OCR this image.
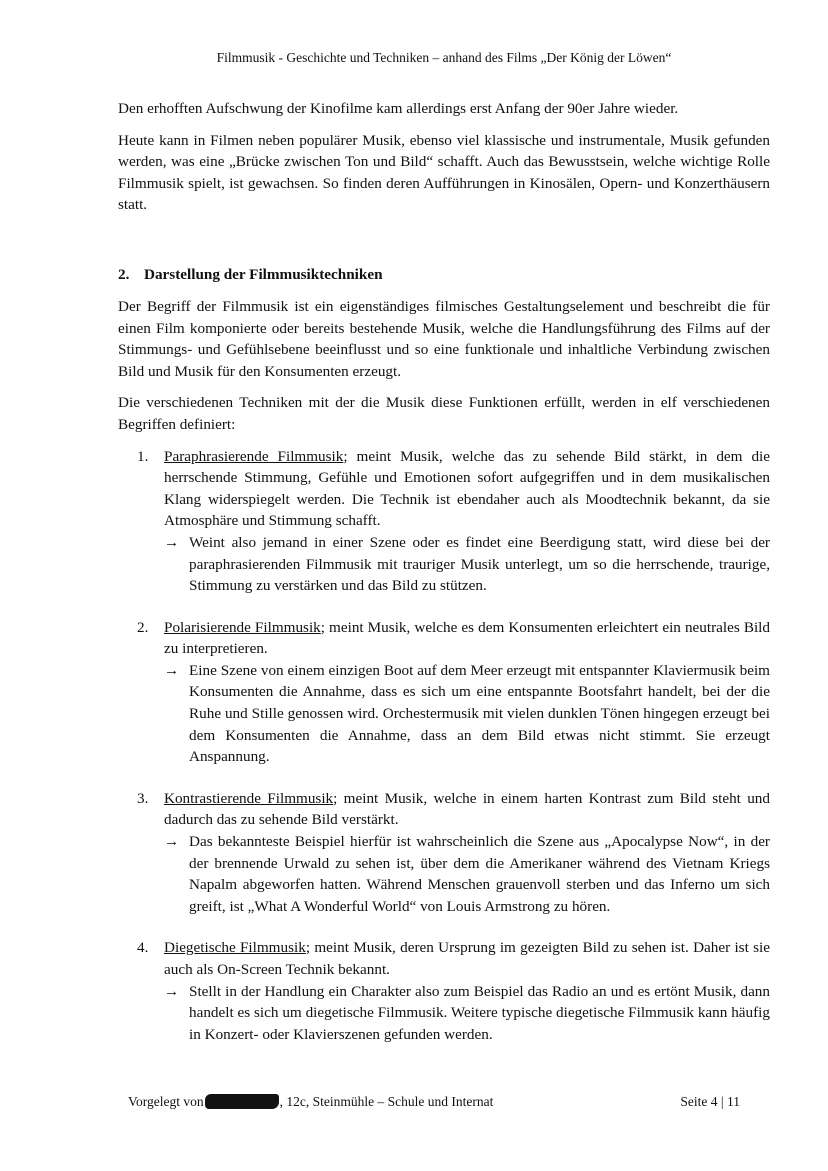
Filmmusik - Geschichte und Techniken – anhand des Films „Der König der Löwen“

Den erhofften Aufschwung der Kinofilme kam allerdings erst Anfang der 90er Jahre wieder.

Heute kann in Filmen neben populärer Musik, ebenso viel klassische und instrumentale, Musik gefunden werden, was eine „Brücke zwischen Ton und Bild“ schafft. Auch das Bewusstsein, welche wichtige Rolle Filmmusik spielt, ist gewachsen. So finden deren Aufführungen in Kinosälen, Opern- und Konzerthäusern statt.

2. Darstellung der Filmmusiktechniken

Der Begriff der Filmmusik ist ein eigenständiges filmisches Gestaltungselement und beschreibt die für einen Film komponierte oder bereits bestehende Musik, welche die Handlungsführung des Films auf der Stimmungs- und Gefühlsebene beeinflusst und so eine funktionale und inhaltliche Verbindung zwischen Bild und Musik für den Konsumenten erzeugt.

Die verschiedenen Techniken mit der die Musik diese Funktionen erfüllt, werden in elf verschiedenen Begriffen definiert:

1. Paraphrasierende Filmmusik; meint Musik, welche das zu sehende Bild stärkt, in dem die herrschende Stimmung, Gefühle und Emotionen sofort aufgegriffen und in dem musikalischen Klang widerspiegelt werden. Die Technik ist ebendaher auch als Moodtechnik bekannt, da sie Atmosphäre und Stimmung schafft.
→ Weint also jemand in einer Szene oder es findet eine Beerdigung statt, wird diese bei der paraphrasierenden Filmmusik mit trauriger Musik unterlegt, um so die herrschende, traurige, Stimmung zu verstärken und das Bild zu stützen.
2. Polarisierende Filmmusik; meint Musik, welche es dem Konsumenten erleichtert ein neutrales Bild zu interpretieren.
→ Eine Szene von einem einzigen Boot auf dem Meer erzeugt mit entspannter Klaviermusik beim Konsumenten die Annahme, dass es sich um eine entspannte Bootsfahrt handelt, bei der die Ruhe und Stille genossen wird. Orchestermusik mit vielen dunklen Tönen hingegen erzeugt bei dem Konsumenten die Annahme, dass an dem Bild etwas nicht stimmt. Sie erzeugt Anspannung.
3. Kontrastierende Filmmusik; meint Musik, welche in einem harten Kontrast zum Bild steht und dadurch das zu sehende Bild verstärkt.
→ Das bekannteste Beispiel hierfür ist wahrscheinlich die Szene aus „Apocalypse Now“, in der der brennende Urwald zu sehen ist, über dem die Amerikaner während des Vietnam Kriegs Napalm abgeworfen hatten. Während Menschen grauenvoll sterben und das Inferno um sich greift, ist „What A Wonderful World“ von Louis Armstrong zu hören.
4. Diegetische Filmmusik; meint Musik, deren Ursprung im gezeigten Bild zu sehen ist. Daher ist sie auch als On-Screen Technik bekannt.
→ Stellt in der Handlung ein Charakter also zum Beispiel das Radio an und es ertönt Musik, dann handelt es sich um diegetische Filmmusik. Weitere typische diegetische Filmmusik kann häufig in Konzert- oder Klavierszenen gefunden werden.
Vorgelegt von	, 12c, Steinmühle – Schule und Internat	Seite 4 | 11
